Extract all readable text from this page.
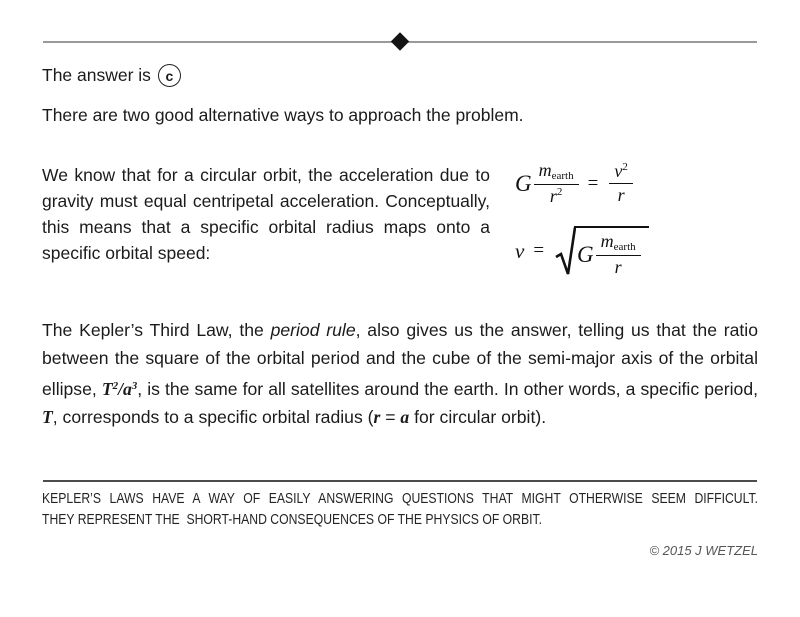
The answer is c
There are two good alternative ways to approach the problem.

We know that for a circular orbit, the acceleration due to gravity must equal centripetal acceleration. Conceptually, this means that a specific orbital radius maps onto a specific orbital speed:

G $\frac{\text{mearth}}{r^2} = \frac{v^2}{r}$
v =	G $\frac{\text{mearth}}{r}$
The Kepler’s Third Law, the period rule, also gives us the answer, telling us that the ratio between the square of the orbital period and the cube of the semi-major axis of the orbital ellipse, $T^2/a^3$, is the same for all satellites around the earth. In other words, a specific period, T, corresponds to a specific orbital radius (r = a for circular orbit).
KEPLER’S LAWS HAVE A WAY OF EASILY ANSWERING QUESTIONS THAT MIGHT OTHERWISE SEEM DIFFICULT.
THEY REPRESENT THE  SHORT-HAND CONSEQUENCES OF THE PHYSICS OF ORBIT.
© 2015 J WETZEL
